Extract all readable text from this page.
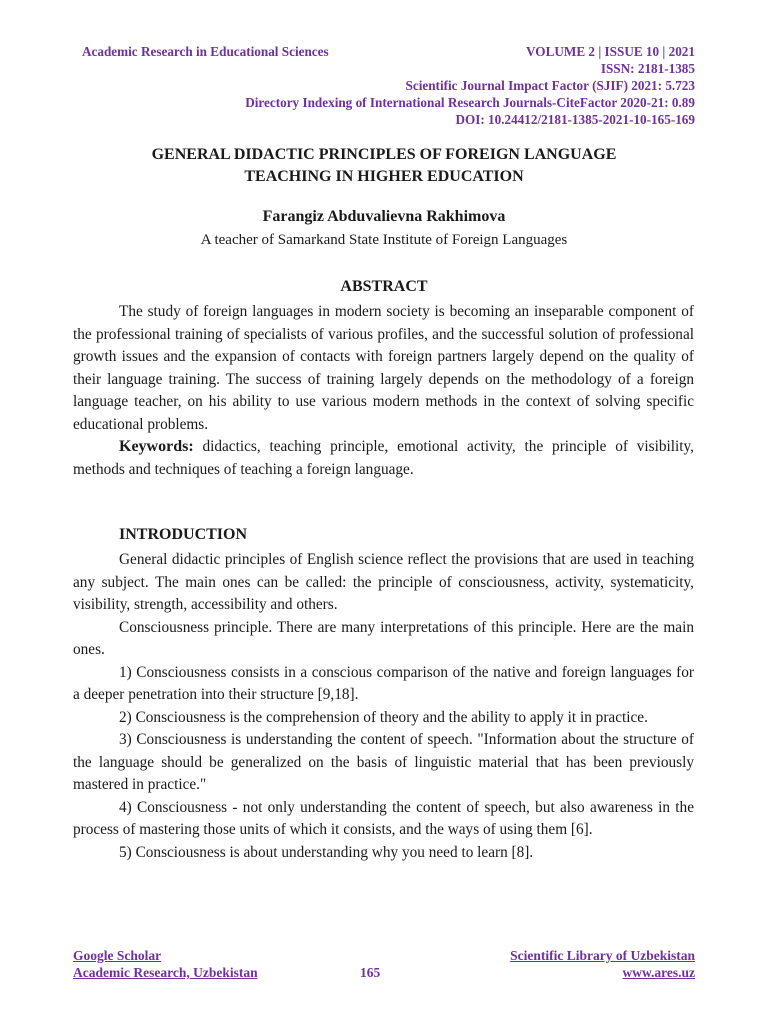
Academic Research in Educational Sciences	VOLUME 2 | ISSUE 10 | 2021
ISSN: 2181-1385
Scientific Journal Impact Factor (SJIF) 2021: 5.723
Directory Indexing of International Research Journals-CiteFactor 2020-21: 0.89
DOI: 10.24412/2181-1385-2021-10-165-169
GENERAL DIDACTIC PRINCIPLES OF FOREIGN LANGUAGE
TEACHING IN HIGHER EDUCATION
Farangiz Abduvalievna Rakhimova
A teacher of Samarkand State Institute of Foreign Languages
ABSTRACT

The study of foreign languages in modern society is becoming an inseparable component of the professional training of specialists of various profiles, and the successful solution of professional growth issues and the expansion of contacts with foreign partners largely depend on the quality of their language training. The success of training largely depends on the methodology of a foreign language teacher, on his ability to use various modern methods in the context of solving specific educational problems.

Keywords: didactics, teaching principle, emotional activity, the principle of visibility, methods and techniques of teaching a foreign language.

INTRODUCTION

General didactic principles of English science reflect the provisions that are used in teaching any subject. The main ones can be called: the principle of consciousness, activity, systematicity, visibility, strength, accessibility and others.

Consciousness principle. There are many interpretations of this principle. Here are the main ones.

1) Consciousness consists in a conscious comparison of the native and foreign languages for a deeper penetration into their structure [9,18].

2) Consciousness is the comprehension of theory and the ability to apply it in practice.

3) Consciousness is understanding the content of speech. "Information about the structure of the language should be generalized on the basis of linguistic material that has been previously mastered in practice."

4) Consciousness - not only understanding the content of speech, but also awareness in the process of mastering those units of which it consists, and the ways of using them [6].

5) Consciousness is about understanding why you need to learn [8].

Google Scholar
Academic Research, Uzbekistan	165
Scientific Library of Uzbekistan
www.ares.uz
